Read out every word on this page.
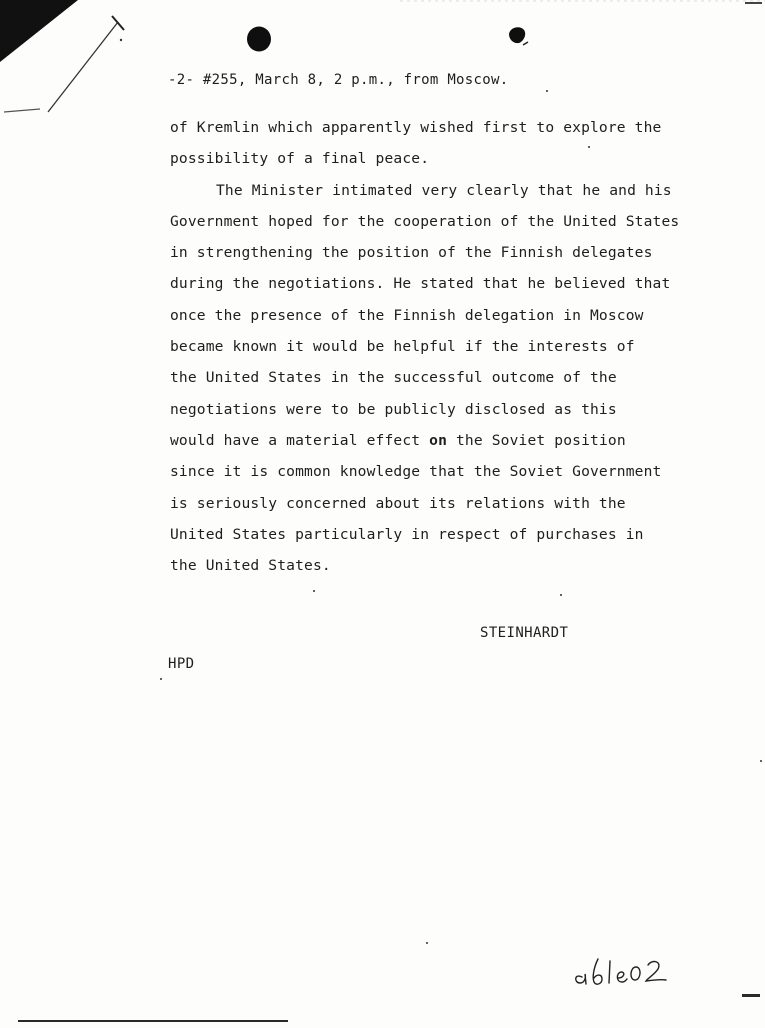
-2- #255, March 8, 2 p.m., from Moscow.
of Kremlin which apparently wished first to explore the
possibility of a final peace.
The Minister intimated very clearly that he and his
Government hoped for the cooperation of the United States
in strengthening the position of the Finnish delegates
during the negotiations. He stated that he believed that
once the presence of the Finnish delegation in Moscow
became known it would be helpful if the interests of
the United States in the successful outcome of the
negotiations were to be publicly disclosed as this
would have a material effect on the Soviet position
since it is common knowledge that the Soviet Government
is seriously concerned about its relations with the
United States particularly in respect of purchases in
the United States.
STEINHARDT
HPD
